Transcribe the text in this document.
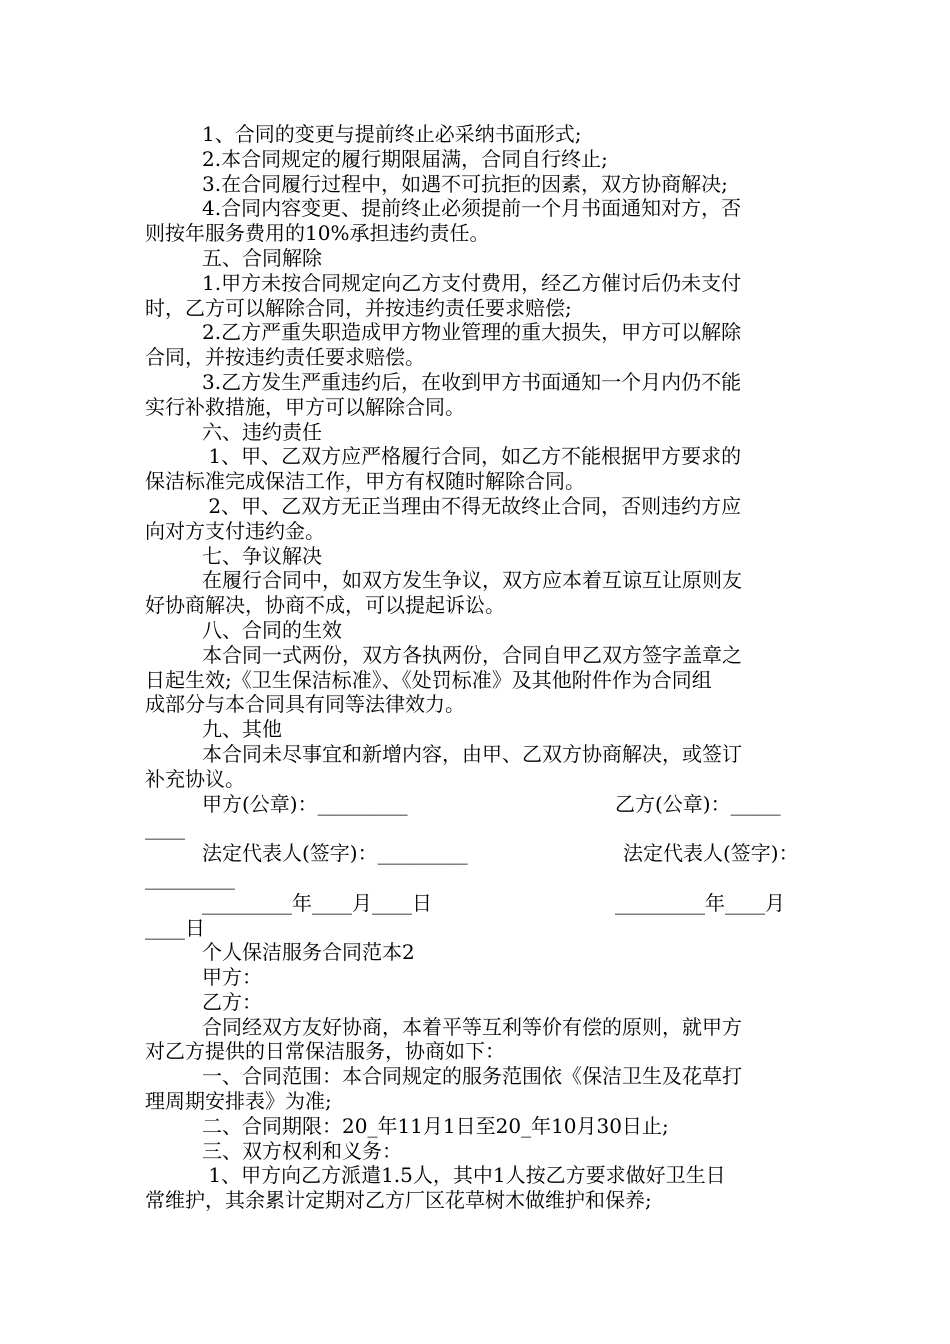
1、合同的变更与提前终止必采纳书面形式;
2.本合同规定的履行期限届满，合同自行终止;
3.在合同履行过程中，如遇不可抗拒的因素，双方协商解决;
4.合同内容变更、提前终止必须提前一个月书面通知对方，否
则按年服务费用的10%承担违约责任。
五、合同解除
1.甲方未按合同规定向乙方支付费用，经乙方催讨后仍未支付
时，乙方可以解除合同，并按违约责任要求赔偿;
2.乙方严重失职造成甲方物业管理的重大损失，甲方可以解除
合同，并按违约责任要求赔偿。
3.乙方发生严重违约后，在收到甲方书面通知一个月内仍不能
实行补救措施，甲方可以解除合同。
六、违约责任
1、甲、乙双方应严格履行合同，如乙方不能根据甲方要求的
保洁标准完成保洁工作，甲方有权随时解除合同。
2、甲、乙双方无正当理由不得无故终止合同，否则违约方应
向对方支付违约金。
七、争议解决
在履行合同中，如双方发生争议，双方应本着互谅互让原则友
好协商解决，协商不成，可以提起诉讼。
八、合同的生效
本合同一式两份，双方各执两份，合同自甲乙双方签字盖章之
日起生效;《卫生保洁标准》、《处罚标准》及其他附件作为合同组
成部分与本合同具有同等法律效力。
九、其他
本合同未尽事宜和新增内容，由甲、乙双方协商解决，或签订
补充协议。
甲方(公章)：_________	乙方(公章)：_____
____
法定代表人(签字)：_________	法定代表人(签字)：
_________
_________年____月____日	_________年____月
____日
个人保洁服务合同范本2
甲方：
乙方：
合同经双方友好协商，本着平等互利等价有偿的原则，就甲方
对乙方提供的日常保洁服务，协商如下：
一、合同范围：本合同规定的服务范围依《保洁卫生及花草打
理周期安排表》为准;
二、合同期限：20_年11月1日至20_年10月30日止;
三、双方权利和义务：
1、甲方向乙方派遣1.5人，其中1人按乙方要求做好卫生日
常维护，其余累计定期对乙方厂区花草树木做维护和保养;
